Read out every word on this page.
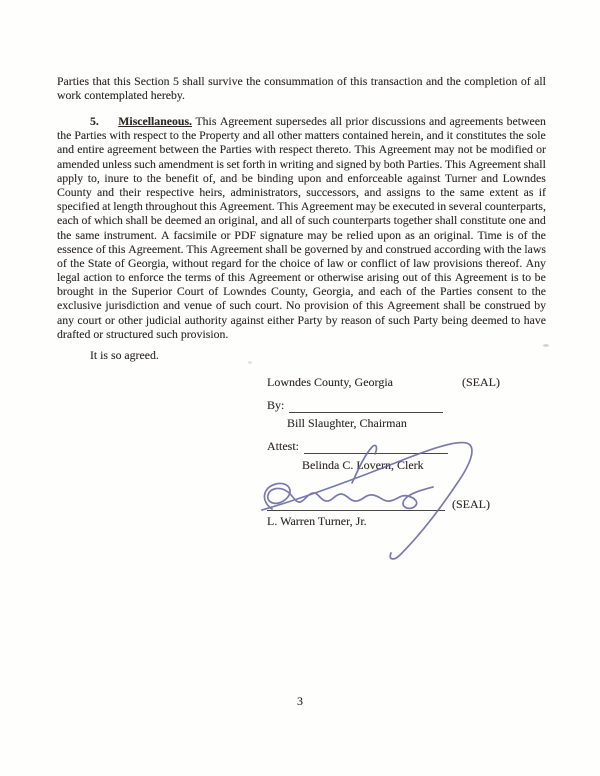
Parties that this Section 5 shall survive the consummation of this transaction and the completion of all
work contemplated hereby.
5. Miscellaneous. This Agreement supersedes all prior discussions and agreements between
the Parties with respect to the Property and all other matters contained herein, and it constitutes the sole
and entire agreement between the Parties with respect thereto. This Agreement may not be modified or
amended unless such amendment is set forth in writing and signed by both Parties. This Agreement shall
apply to, inure to the benefit of, and be binding upon and enforceable against Turner and Lowndes
County and their respective heirs, administrators, successors, and assigns to the same extent as if
specified at length throughout this Agreement. This Agreement may be executed in several counterparts,
each of which shall be deemed an original, and all of such counterparts together shall constitute one and
the same instrument. A facsimile or PDF signature may be relied upon as an original. Time is of the
essence of this Agreement. This Agreement shall be governed by and construed according with the laws
of the State of Georgia, without regard for the choice of law or conflict of law provisions thereof. Any
legal action to enforce the terms of this Agreement or otherwise arising out of this Agreement is to be
brought in the Superior Court of Lowndes County, Georgia, and each of the Parties consent to the
exclusive jurisdiction and venue of such court. No provision of this Agreement shall be construed by
any court or other judicial authority against either Party by reason of such Party being deemed to have
drafted or structured such provision.
It is so agreed.
Lowndes County, Georgia	(SEAL)
By:
Bill Slaughter, Chairman
Attest:
Belinda C. Lovern, Clerk
(SEAL)
L. Warren Turner, Jr.
3
